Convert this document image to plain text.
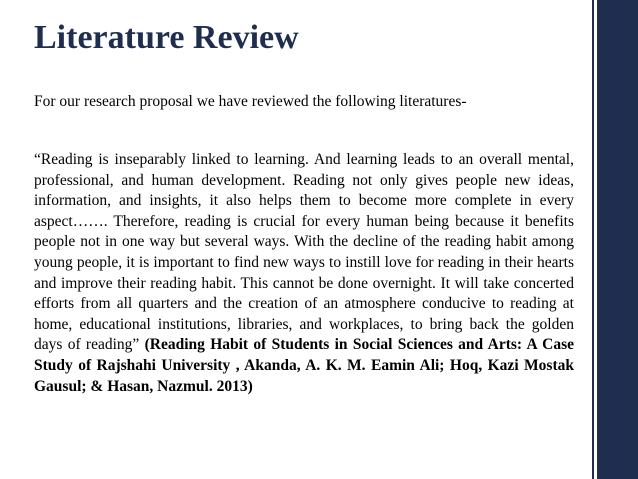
Literature Review
For our research proposal we have reviewed the following literatures-

“Reading is inseparably linked to learning. And learning leads to an overall mental, professional, and human development. Reading not only gives people new ideas, information, and insights, it also helps them to become more complete in every aspect……. Therefore, reading is crucial for every human being because it benefits people not in one way but several ways. With the decline of the reading habit among young people, it is important to find new ways to instill love for reading in their hearts and improve their reading habit. This cannot be done overnight. It will take concerted efforts from all quarters and the creation of an atmosphere conducive to reading at home, educational institutions, libraries, and workplaces, to bring back the golden days of reading” (Reading Habit of Students in Social Sciences and Arts: A Case Study of Rajshahi University , Akanda, A. K. M. Eamin Ali; Hoq, Kazi Mostak Gausul; & Hasan, Nazmul. 2013)
